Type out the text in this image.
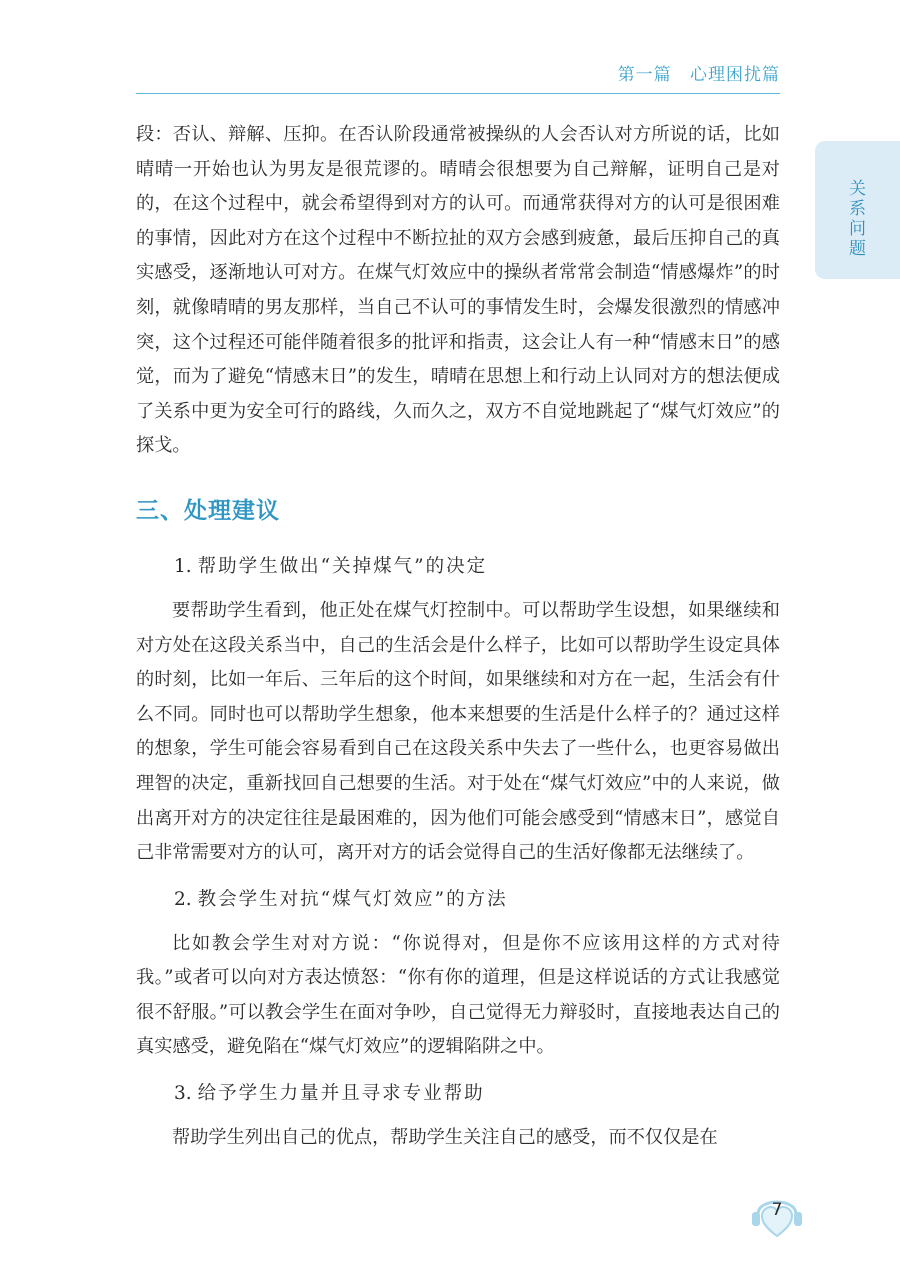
第一篇 心理困扰篇
关
系
问
题

段：否认、辩解、压抑。在否认阶段通常被操纵的人会否认对方所说的话，比如晴晴一开始也认为男友是很荒谬的。晴晴会很想要为自己辩解，证明自己是对的，在这个过程中，就会希望得到对方的认可。而通常获得对方的认可是很困难的事情，因此对方在这个过程中不断拉扯的双方会感到疲惫，最后压抑自己的真实感受，逐渐地认可对方。在煤气灯效应中的操纵者常常会制造“情感爆炸”的时刻，就像晴晴的男友那样，当自己不认可的事情发生时，会爆发很激烈的情感冲突，这个过程还可能伴随着很多的批评和指责，这会让人有一种“情感末日”的感觉，而为了避免“情感末日”的发生，晴晴在思想上和行动上认同对方的想法便成了关系中更为安全可行的路线，久而久之，双方不自觉地跳起了“煤气灯效应”的探戈。

三、处理建议
1. 帮助学生做出“关掉煤气”的决定

要帮助学生看到，他正处在煤气灯控制中。可以帮助学生设想，如果继续和对方处在这段关系当中，自己的生活会是什么样子，比如可以帮助学生设定具体的时刻，比如一年后、三年后的这个时间，如果继续和对方在一起，生活会有什么不同。同时也可以帮助学生想象，他本来想要的生活是什么样子的？通过这样的想象，学生可能会容易看到自己在这段关系中失去了一些什么，也更容易做出理智的决定，重新找回自己想要的生活。对于处在“煤气灯效应”中的人来说，做出离开对方的决定往往是最困难的，因为他们可能会感受到“情感末日”，感觉自己非常需要对方的认可，离开对方的话会觉得自己的生活好像都无法继续了。

2. 教会学生对抗“煤气灯效应”的方法

比如教会学生对对方说：“你说得对，但是你不应该用这样的方式对待我。”或者可以向对方表达愤怒：“你有你的道理，但是这样说话的方式让我感觉很不舒服。”可以教会学生在面对争吵，自己觉得无力辩驳时，直接地表达自己的真实感受，避免陷在“煤气灯效应”的逻辑陷阱之中。

3. 给予学生力量并且寻求专业帮助

帮助学生列出自己的优点，帮助学生关注自己的感受，而不仅仅是在

7
